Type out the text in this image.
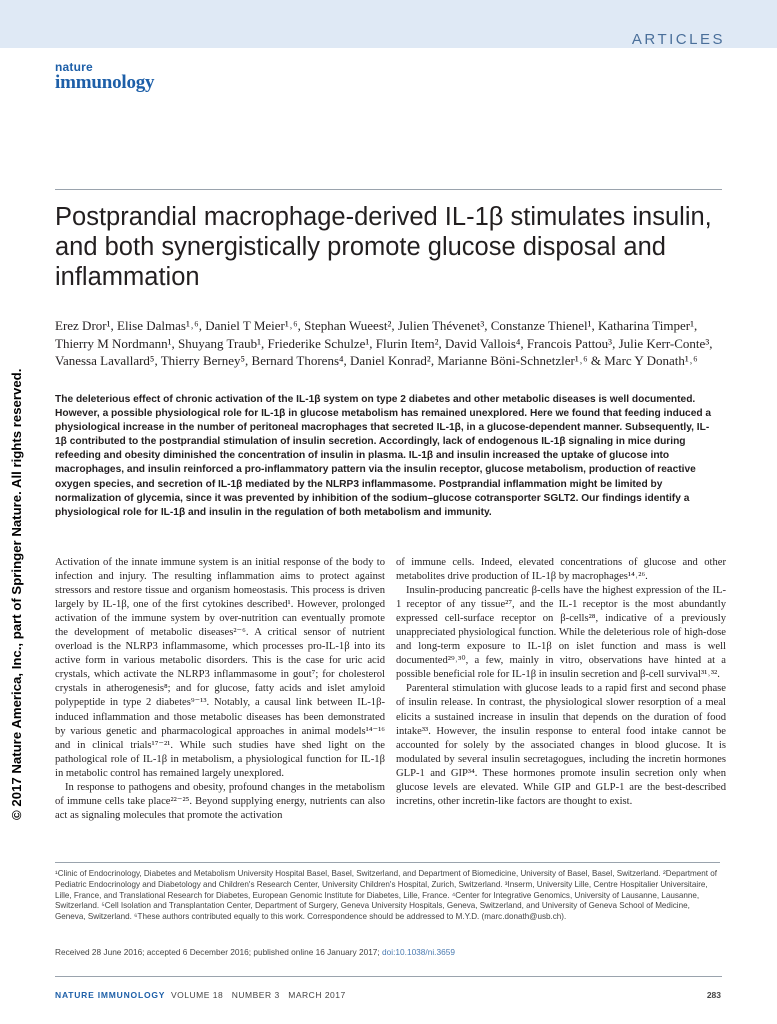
ARTICLES
nature
immunology
© 2017 Nature America, Inc., part of Springer Nature. All rights reserved.
Postprandial macrophage-derived IL-1β stimulates insulin, and both synergistically promote glucose disposal and inflammation
Erez Dror¹, Elise Dalmas¹˒⁶, Daniel T Meier¹˒⁶, Stephan Wueest², Julien Thévenet³, Constanze Thienel¹, Katharina Timper¹, Thierry M Nordmann¹, Shuyang Traub¹, Friederike Schulze¹, Flurin Item², David Vallois⁴, Francois Pattou³, Julie Kerr-Conte³, Vanessa Lavallard⁵, Thierry Berney⁵, Bernard Thorens⁴, Daniel Konrad², Marianne Böni-Schnetzler¹˒⁶ & Marc Y Donath¹˒⁶
The deleterious effect of chronic activation of the IL-1β system on type 2 diabetes and other metabolic diseases is well documented. However, a possible physiological role for IL-1β in glucose metabolism has remained unexplored. Here we found that feeding induced a physiological increase in the number of peritoneal macrophages that secreted IL-1β, in a glucose-dependent manner. Subsequently, IL-1β contributed to the postprandial stimulation of insulin secretion. Accordingly, lack of endogenous IL-1β signaling in mice during refeeding and obesity diminished the concentration of insulin in plasma. IL-1β and insulin increased the uptake of glucose into macrophages, and insulin reinforced a pro-inflammatory pattern via the insulin receptor, glucose metabolism, production of reactive oxygen species, and secretion of IL-1β mediated by the NLRP3 inflammasome. Postprandial inflammation might be limited by normalization of glycemia, since it was prevented by inhibition of the sodium–glucose cotransporter SGLT2. Our findings identify a physiological role for IL-1β and insulin in the regulation of both metabolism and immunity.

Activation of the innate immune system is an initial response of the body to infection and injury. The resulting inflammation aims to protect against stressors and restore tissue and organism homeostasis. This process is driven largely by IL-1β, one of the first cytokines described¹. However, prolonged activation of the immune system by over-nutrition can eventually promote the development of metabolic diseases²⁻⁶. A critical sensor of nutrient overload is the NLRP3 inflammasome, which processes pro-IL-1β into its active form in various metabolic disorders. This is the case for uric acid crystals, which activate the NLRP3 inflammasome in gout⁷; for cholesterol crystals in atherogenesis⁸; and for glucose, fatty acids and islet amyloid polypeptide in type 2 diabetes⁹⁻¹³. Notably, a causal link between IL-1β-induced inflammation and those metabolic diseases has been demonstrated by various genetic and pharmacological approaches in animal models¹⁴⁻¹⁶ and in clinical trials¹⁷⁻²¹. While such studies have shed light on the pathological role of IL-1β in metabolism, a physiological function for IL-1β in metabolic control has remained largely unexplored.

In response to pathogens and obesity, profound changes in the metabolism of immune cells take place²²⁻²⁵. Beyond supplying energy, nutrients can also act as signaling molecules that promote the activation

of immune cells. Indeed, elevated concentrations of glucose and other metabolites drive production of IL-1β by macrophages¹⁴˒²⁶.

Insulin-producing pancreatic β-cells have the highest expression of the IL-1 receptor of any tissue²⁷, and the IL-1 receptor is the most abundantly expressed cell-surface receptor on β-cells²⁸, indicative of a previously unappreciated physiological function. While the deleterious role of high-dose and long-term exposure to IL-1β on islet function and mass is well documented²⁹˒³⁰, a few, mainly in vitro, observations have hinted at a possible beneficial role for IL-1β in insulin secretion and β-cell survival³¹˒³².

Parenteral stimulation with glucose leads to a rapid first and second phase of insulin release. In contrast, the physiological slower resorption of a meal elicits a sustained increase in insulin that depends on the duration of food intake³³. However, the insulin response to enteral food intake cannot be accounted for solely by the associated changes in blood glucose. It is modulated by several insulin secretagogues, including the incretin hormones GLP-1 and GIP³⁴. These hormones promote insulin secretion only when glucose levels are elevated. While GIP and GLP-1 are the best-described incretins, other incretin-like factors are thought to exist.

¹Clinic of Endocrinology, Diabetes and Metabolism University Hospital Basel, Basel, Switzerland, and Department of Biomedicine, University of Basel, Basel, Switzerland. ²Department of Pediatric Endocrinology and Diabetology and Children's Research Center, University Children's Hospital, Zurich, Switzerland. ³Inserm, University Lille, Centre Hospitalier Universitaire, Lille, France, and Translational Research for Diabetes, European Genomic Institute for Diabetes, Lille, France. ⁴Center for Integrative Genomics, University of Lausanne, Lausanne, Switzerland. ⁵Cell Isolation and Transplantation Center, Department of Surgery, Geneva University Hospitals, Geneva, Switzerland, and University of Geneva School of Medicine, Geneva, Switzerland. ⁶These authors contributed equally to this work. Correspondence should be addressed to M.Y.D. (marc.donath@usb.ch).
Received 28 June 2016; accepted 6 December 2016; published online 16 January 2017; doi:10.1038/ni.3659
NATURE IMMUNOLOGY VOLUME 18   NUMBER 3   MARCH 2017	283
